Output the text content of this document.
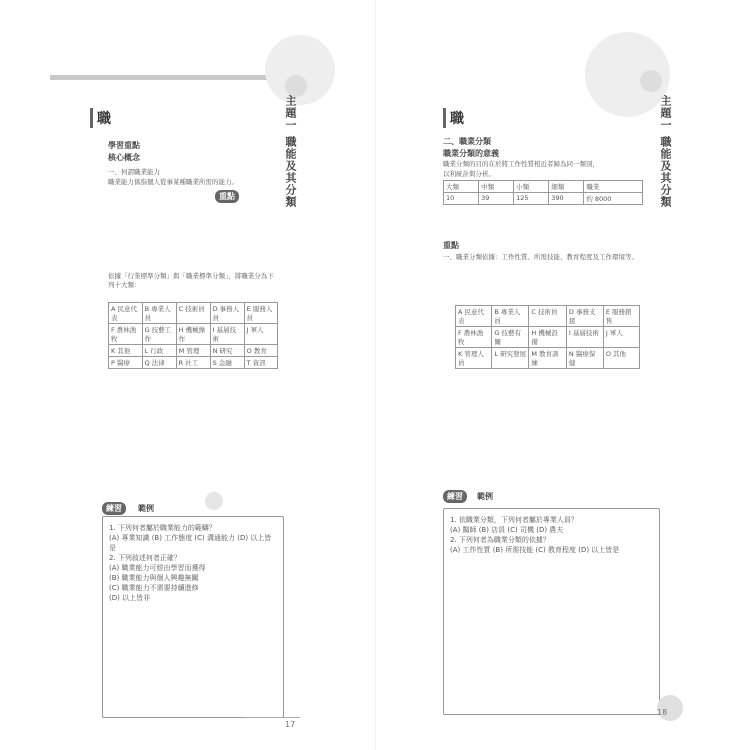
職	主題一 職能及其分類
學習重點
核心概念
一、何謂職業能力
職業能力係指個人從事某種職業所需的能力。
重點
依據「行業標準分類」與「職業標準分類」，將職業分為下列十大類：
A 民意代表	B 專業人員	C 技術員	D 事務人員	E 服務人員
F 農林漁牧	G 技藝工作	H 機械操作	I 基層技術	J 軍人
K 其他	L 行政	M 管理	N 研究	O 教育
P 醫療	Q 法律	R 社工	S 金融	T 資訊
練習	範例
1. 下列何者屬於職業能力的範疇？
(A) 專業知識 (B) 工作態度 (C) 溝通能力 (D) 以上皆是
2. 下列敘述何者正確？
(A) 職業能力可經由學習而獲得
(B) 職業能力與個人興趣無關
(C) 職業能力不需要持續進修
(D) 以上皆非
17
職	主題一 職能及其分類
二、職業分類
職業分類的意義
職業分類的目的在於將工作性質相近者歸為同一類別，
以利統計與分析。
大類	中類	小類	細類	職業
10	39	125	390	約 8000
重點
一、職業分類依據：工作性質、所需技能、教育程度及工作環境等。
A 民意代表	B 專業人員	C 技術員	D 事務支援	E 服務銷售
F 農林漁牧	G 技藝有關	H 機械設備	I 基層技術	J 軍人
K 管理人員	L 研究發展	M 教育訓練	N 醫療保健	O 其他
練習	範例
1. 依職業分類，下列何者屬於專業人員？
(A) 醫師 (B) 店員 (C) 司機 (D) 農夫
2. 下列何者為職業分類的依據？
(A) 工作性質 (B) 所需技能 (C) 教育程度 (D) 以上皆是
18
